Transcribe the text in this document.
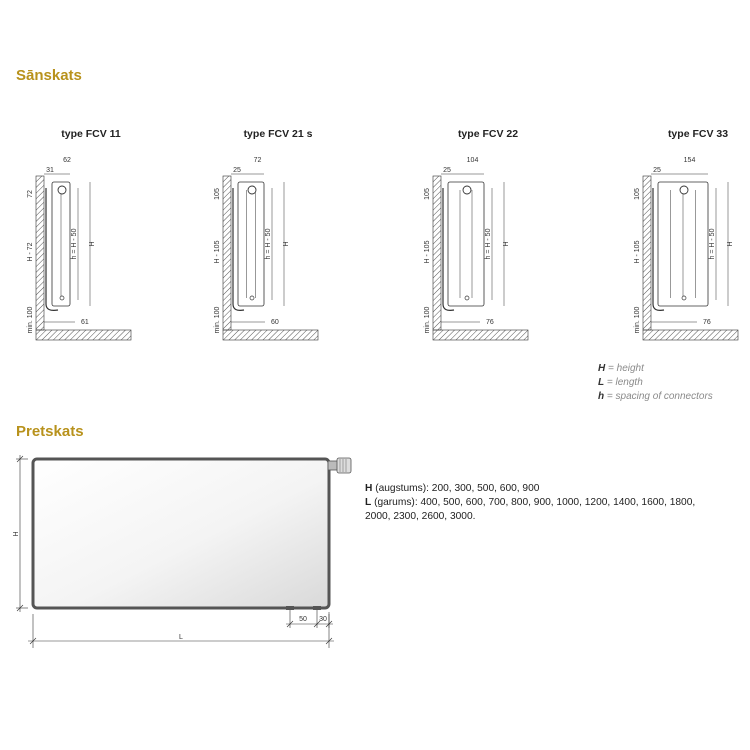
Sānskats
type FCV 11
31
62
72
H - 72
min. 100
h = H - 50 H
61
type FCV 21 s
25
72
105
H - 105
min. 100
h = H - 50 H
60
type FCV 22
25
104
105
H - 105
min. 100
h = H - 50 H
76
type FCV 33
25
154
105
H - 105
min. 100
h = H - 50 H
76
H = height
L = length
h = spacing of connectors
Pretskats
H
L
50 30
H (augstums): 200, 300, 500, 600, 900
L (garums): 400, 500, 600, 700, 800, 900, 1000, 1200, 1400, 1600, 1800, 2000, 2300, 2600, 3000.
